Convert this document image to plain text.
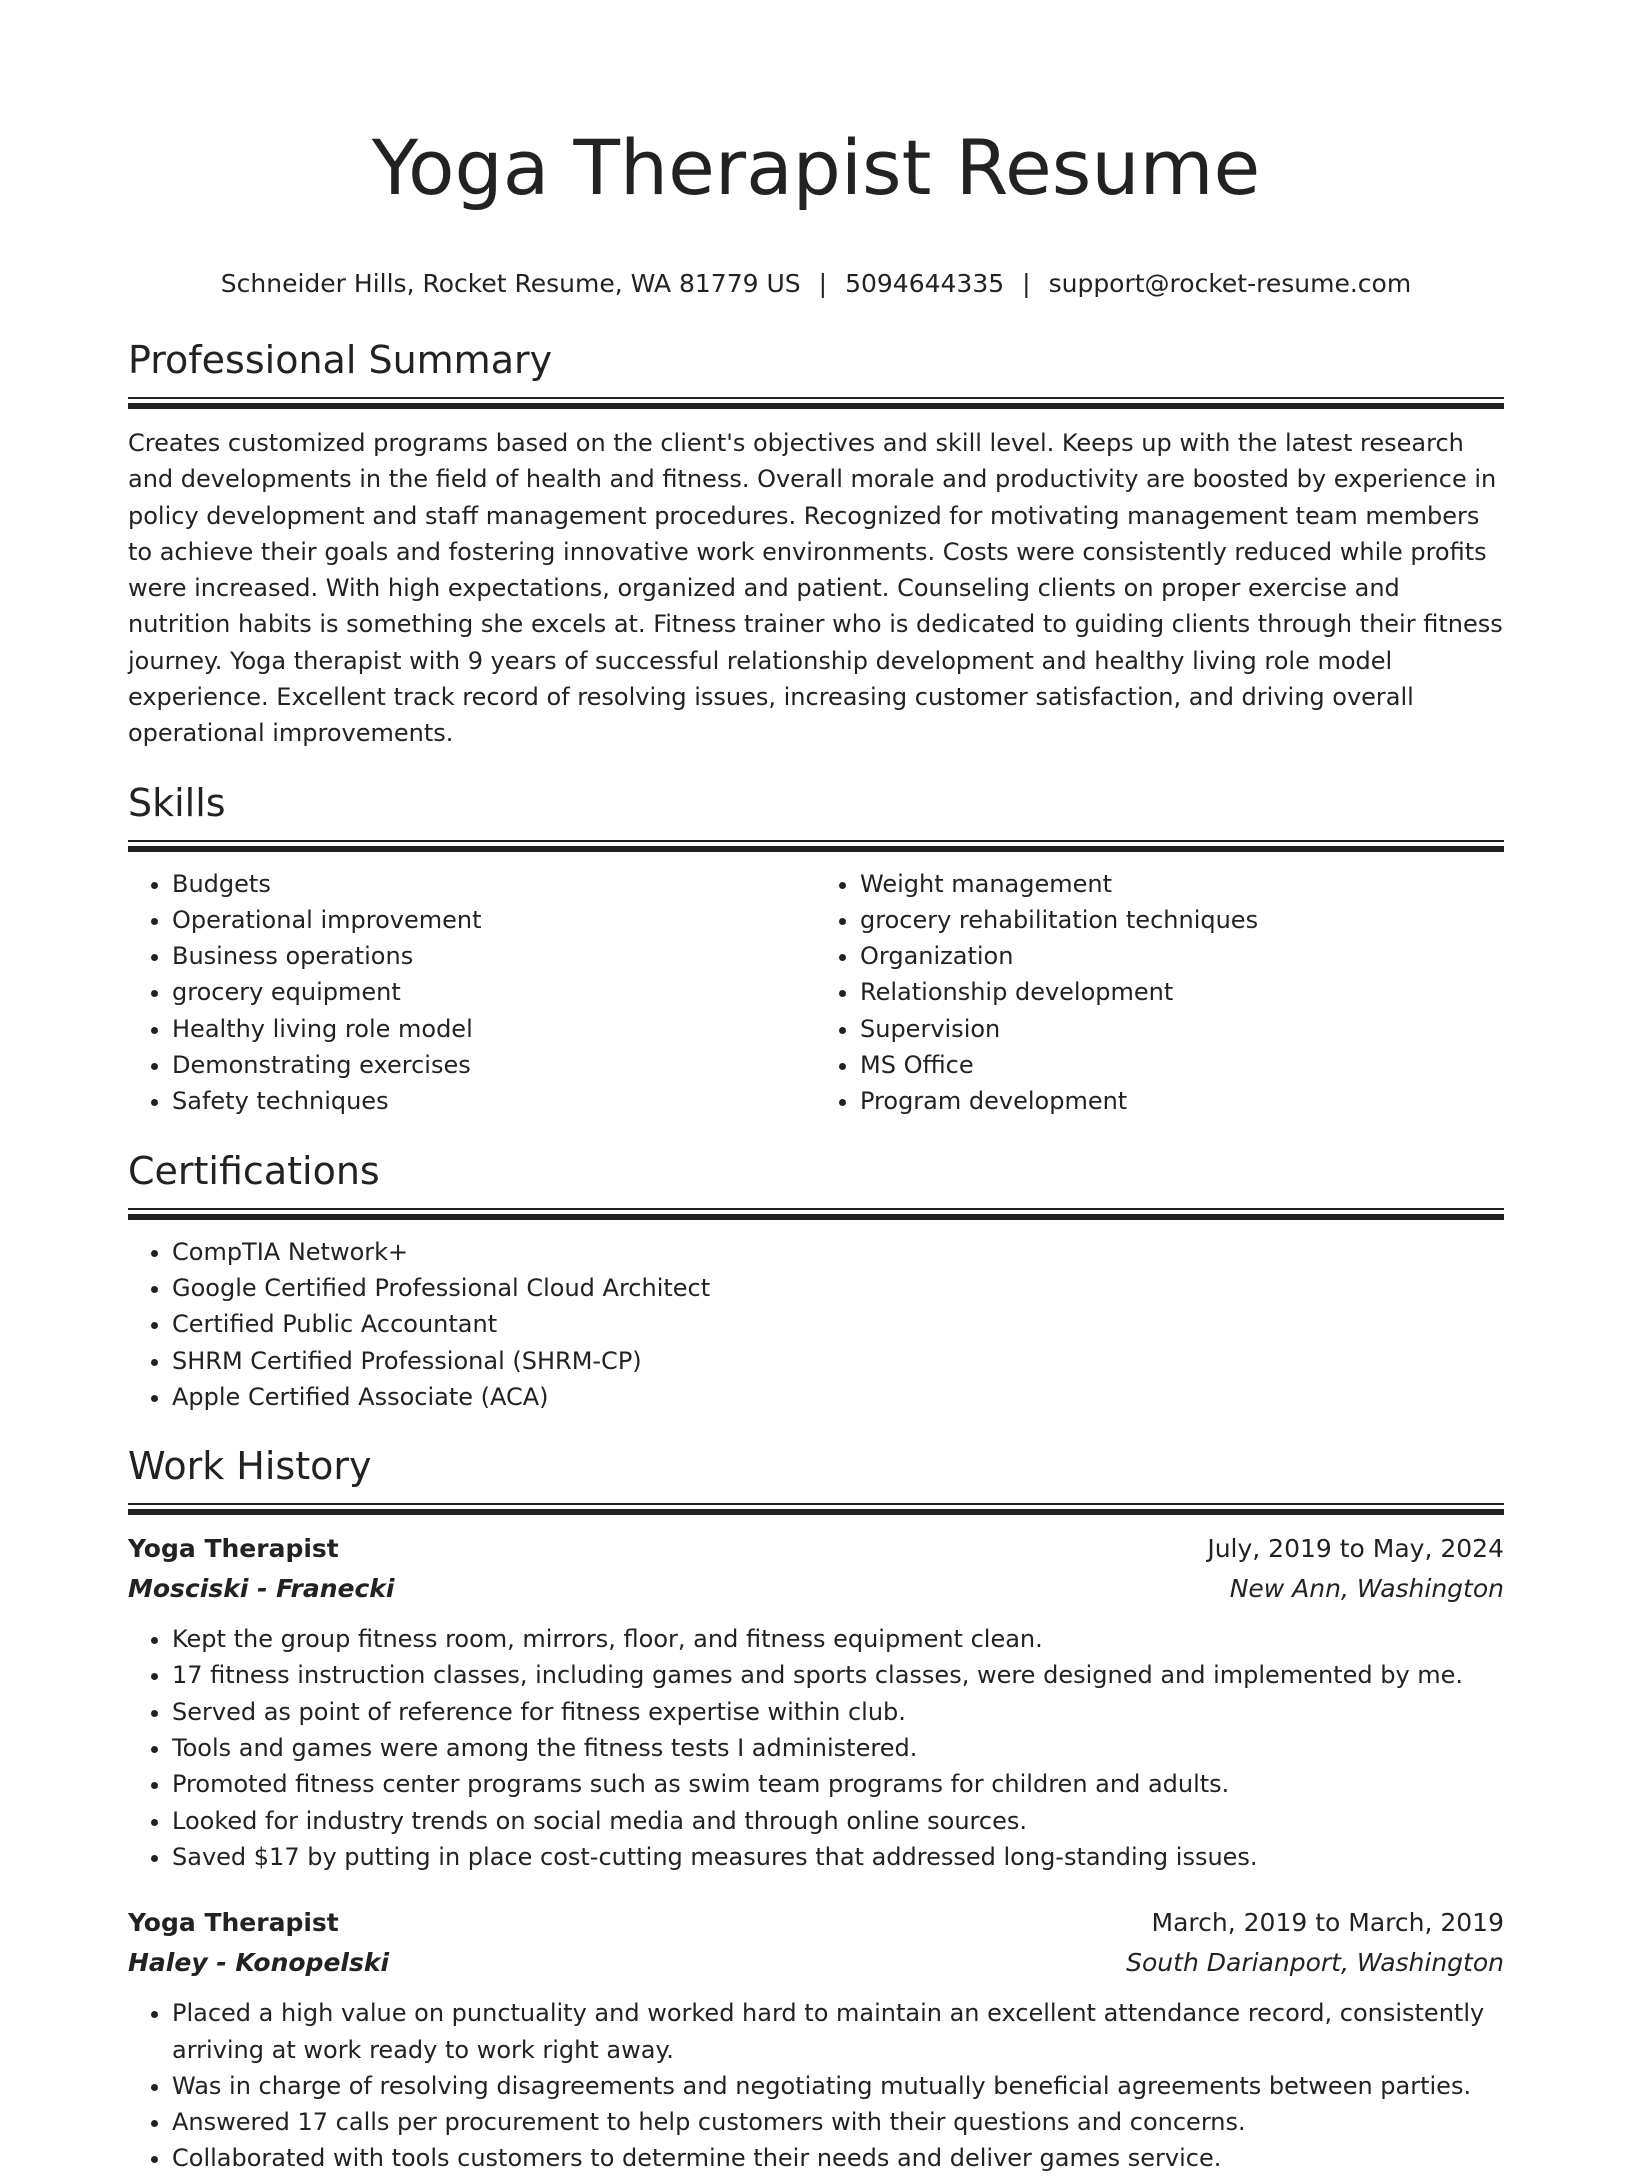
Yoga Therapist Resume
Schneider Hills, Rocket Resume, WA 81779 US | 5094644335 | support@rocket-resume.com
Professional Summary

Creates customized programs based on the client's objectives and skill level. Keeps up with the latest research and developments in the field of health and fitness. Overall morale and productivity are boosted by experience in policy development and staff management procedures. Recognized for motivating management team members to achieve their goals and fostering innovative work environments. Costs were consistently reduced while profits were increased. With high expectations, organized and patient. Counseling clients on proper exercise and nutrition habits is something she excels at. Fitness trainer who is dedicated to guiding clients through their fitness journey. Yoga therapist with 9 years of successful relationship development and healthy living role model experience. Excellent track record of resolving issues, increasing customer satisfaction, and driving overall operational improvements.

Skills
• Budgets
• Operational improvement
• Business operations
• grocery equipment
• Healthy living role model
• Demonstrating exercises
• Safety techniques
• Weight management
• grocery rehabilitation techniques
• Organization
• Relationship development
• Supervision
• MS Office
• Program development
Certifications
• CompTIA Network+
• Google Certified Professional Cloud Architect
• Certified Public Accountant
• SHRM Certified Professional (SHRM-CP)
• Apple Certified Associate (ACA)
Work History
Yoga Therapist	July, 2019 to May, 2024
Mosciski - Franecki	New Ann, Washington
• Kept the group fitness room, mirrors, floor, and fitness equipment clean.
• 17 fitness instruction classes, including games and sports classes, were designed and implemented by me.
• Served as point of reference for fitness expertise within club.
• Tools and games were among the fitness tests I administered.
• Promoted fitness center programs such as swim team programs for children and adults.
• Looked for industry trends on social media and through online sources.
• Saved $17 by putting in place cost-cutting measures that addressed long-standing issues.
Yoga Therapist	March, 2019 to March, 2019
Haley - Konopelski	South Darianport, Washington
• Placed a high value on punctuality and worked hard to maintain an excellent attendance record, consistently arriving at work ready to work right away.
• Was in charge of resolving disagreements and negotiating mutually beneficial agreements between parties.
• Answered 17 calls per procurement to help customers with their questions and concerns.
• Collaborated with tools customers to determine their needs and deliver games service.
